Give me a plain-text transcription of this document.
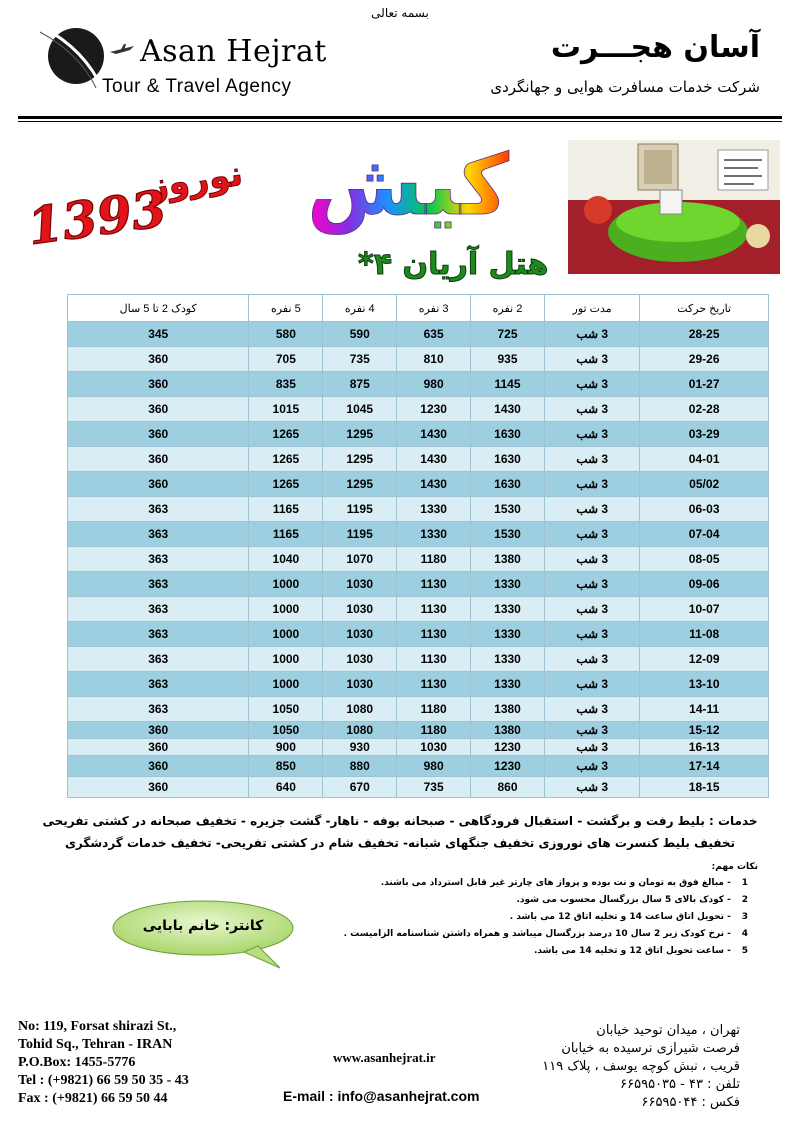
بسمه تعالی
Asan Hejrat
Tour & Travel Agency
آسان هجـــرت
شرکت خدمات مسافرت هوایی و جهانگردی
نوروز
1393 کیش
هتل آریان ۴*
تاریخ حرکت	مدت تور	2 نفره	3 نفره	4 نفره	5 نفره	کودک 2 تا 5 سال
28-25	3 شب	725	635	590	580	345
29-26	3 شب	935	810	735	705	360
01-27	3 شب	1145	980	875	835	360
02-28	3 شب	1430	1230	1045	1015	360
03-29	3 شب	1630	1430	1295	1265	360
04-01	3 شب	1630	1430	1295	1265	360
05/02	3 شب	1630	1430	1295	1265	360
06-03	3 شب	1530	1330	1195	1165	363
07-04	3 شب	1530	1330	1195	1165	363
08-05	3 شب	1380	1180	1070	1040	363
09-06	3 شب	1330	1130	1030	1000	363
10-07	3 شب	1330	1130	1030	1000	363
11-08	3 شب	1330	1130	1030	1000	363
12-09	3 شب	1330	1130	1030	1000	363
13-10	3 شب	1330	1130	1030	1000	363
14-11	3 شب	1380	1180	1080	1050	363
15-12	3 شب	1380	1180	1080	1050	360
16-13	3 شب	1230	1030	930	900	360
17-14	3 شب	1230	980	880	850	360
18-15	3 شب	860	735	670	640	360
خدمات : بلیط رفت و برگشت - استقبال فرودگاهی - صبحانه بوفه - ناهار- گشت جزیره - تخفیف صبحانه در کشتی تفریحی
تخفیف بلیط کنسرت های نوروزی تخفیف جنگهای شبانه- تخفیف شام در کشتی تفریحی- تخفیف خدمات گردشگری
نکات مهم:
1 - مبالغ فوق به تومان و نت بوده و پرواز های چارتر غیر قابل استرداد می باشند.
2 - کودک بالای 5 سال بزرگسال محسوب می شود.
3 - تحویل اتاق ساعت 14 و تخلیه اتاق 12 می باشد .
4 - نرخ کودک زیر 2 سال 10 درصد بزرگسال میباشد و همراه داشتن شناسنامه الزامیست .
5 - ساعت تحویل اتاق 12 و تخلیه 14 می باشد.
کانتر: خانم بابایی
No: 119, Forsat shirazi St.,
Tohid Sq., Tehran - IRAN
P.O.Box: 1455-5776
Tel : (+9821) 66 59 50 35 - 43
Fax : (+9821) 66 59 50 44
www.asanhejrat.ir
E-mail : info@asanhejrat.com
تهران ، میدان توحید خیابان
فرصت شیرازی نرسیده به خیابان
قریب ، نبش کوچه یوسف ، پلاک ۱۱۹
تلفن : ۴۳ - ۶۶۵۹۵۰۳۵
فکس : ۶۶۵۹۵۰۴۴
